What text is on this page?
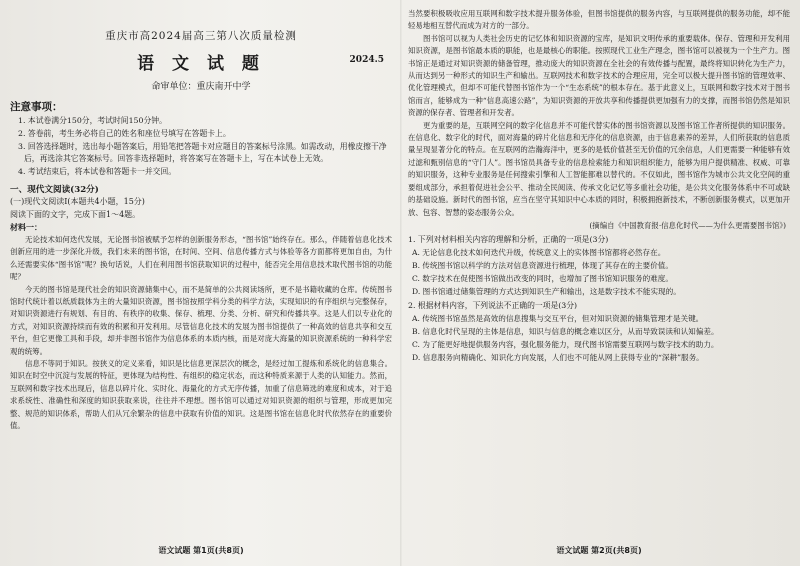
重庆市高2024届高三第八次质量检测
语 文 试 题	2024.5
命审单位：重庆南开中学
注意事项：
1. 本试卷满分150分，考试时间150分钟。
2. 答卷前，考生务必将自己的姓名和座位号填写在答题卡上。
3. 回答选择题时，选出每小题答案后，用铅笔把答题卡对应题目的答案标号涂黑。如需改动，用橡皮擦干净后，再选涂其它答案标号。回答非选择题时，将答案写在答题卡上，写在本试卷上无效。
4. 考试结束后，将本试卷和答题卡一并交回。
一、现代文阅读(32分)
(一)现代文阅读Ⅰ(本题共4小题，15分)
阅读下面的文字，完成下面1～4题。
材料一：

无论技术如何迭代发展，无论图书馆被赋予怎样的创新服务形态，“图书馆”始终存在。那么，伴随着信息化技术创新应用的进一步深化升级，我们未来的图书馆，在时间、空间、信息传播方式与体验等各方面都将更加自由，为什么还需要实体“图书馆”呢？换句话说，人们在利用图书馆获取知识的过程中，能否完全用信息技术取代图书馆的功能呢？

今天的图书馆是现代社会的知识资源储集中心，而不是简单的公共阅读场所，更不是书籍收藏的仓库。传统图书馆时代统计着以纸质载体为主的大量知识资源，图书馆按照学科分类的科学方法，实现知识的有序组织与完整保存，对知识资源进行有规划、有目的、有秩序的收集、保存、梳理、分类、分析、研究和传播共享。这是人们以专业化的方式，对知识资源持续而有效的积累和开发利用。尽管信息化技术的发展为图书馆提供了一种高效的信息共享和交互平台，但它更像工具和手段，却并非图书馆作为信息体系的本质内核，而是对庞大海量的知识资源系统的一种科学宏观的统筹。

信息不等同于知识。按狭义的定义来看，知识是比信息更深层次的概念，是经过加工提炼和系统化的信息集合。知识在时空中沉淀与发展的特征，更体现为结构性、有组织的稳定状态，而这种特质来源于人类的认知能力。然而，互联网和数字技术出现后，信息以碎片化、实时化、海量化的方式无序传播，加重了信息筛选的难度和成本，对于追求系统性、准确性和深度的知识获取来说，往往并不理想。图书馆可以通过对知识资源的组织与管理，形成更加完整、规范的知识体系，帮助人们从冗余繁杂的信息中获取有价值的知识。这是图书馆在信息化时代依然存在的重要价值。

语文试题 第1页(共8页)

当然要积极吸收应用互联网和数字技术提升服务体验，但图书馆提供的服务内容，与互联网提供的服务功能，却不能轻易地相互替代而成为对方的一部分。

图书馆可以视为人类社会历史的记忆体和知识资源的宝库，是知识文明传承的重要载体。保存、管理和开发利用知识资源，是图书馆最本质的职能，也是最核心的职能。按照现代工业生产理念，图书馆可以被视为一个生产力。图书馆正是通过对知识资源的储备管理，推动庞大的知识资源在全社会的有效传播与配置，最终将知识转化为生产力，从而达到另一种形式的知识生产和输出。互联网技术和数字技术的合理应用，完全可以极大提升图书馆的管理效率、优化管理模式，但却不可能代替图书馆作为一个“生态系统”的根本存在。基于此意义上，互联网和数字技术对于图书馆而言，能够成为一种“信息高速公路”，为知识资源的开放共享和传播提供更加强有力的支撑，而图书馆仍然是知识资源的保存者、管理者和开发者。

更为重要的是，互联网空间的数字化信息并不可能代替实体的图书馆资源以及图书馆工作者所提供的知识服务。在信息化、数字化的时代，面对海量的碎片化信息和无序化的信息资源，由于信息素养的差异，人们所获取的信息质量呈现显著分化的特点。在互联网的浩瀚海洋中，更多的是低价值甚至无价值的冗余信息，人们更需要一种能够有效过滤和甄别信息的“守门人”。图书馆员具备专业的信息检索能力和知识组织能力，能够为用户提供精准、权威、可靠的知识服务，这种专业服务是任何搜索引擎和人工智能都难以替代的。不仅如此，图书馆作为城市公共文化空间的重要组成部分，承担着促进社会公平、推动全民阅读、传承文化记忆等多重社会功能，是公共文化服务体系中不可或缺的基础设施。新时代的图书馆，应当在坚守其知识中心本质的同时，积极拥抱新技术，不断创新服务模式，以更加开放、包容、智慧的姿态服务公众。

(摘编自《中国教育报·信息化时代——为什么更需要图书馆》)
1. 下列对材料相关内容的理解和分析，正确的一项是(3分)
A. 无论信息化技术如何迭代升级，传统意义上的实体图书馆都将必然存在。
B. 传统图书馆以科学的方法对信息资源进行梳理，体现了其存在的主要价值。
C. 数字技术在促使图书馆做出改变的同时，也增加了图书馆知识服务的难度。
D. 图书馆通过储集管理的方式达到知识生产和输出，这是数字技术不能实现的。
2. 根据材料内容，下列说法不正确的一项是(3分)
A. 传统图书馆虽然是高效的信息搜集与交互平台，但对知识资源的储集管理才是关键。
B. 信息化时代呈现的主体是信息，知识与信息的概念难以区分，从而导致误读和认知偏差。
C. 为了能更好地提供服务内容，强化服务能力，现代图书馆需要互联网与数字技术的助力。
D. 信息服务向精确化、知识化方向发展，人们也不可能从网上获得专业的“深耕”服务。
语文试题 第2页(共8页)
